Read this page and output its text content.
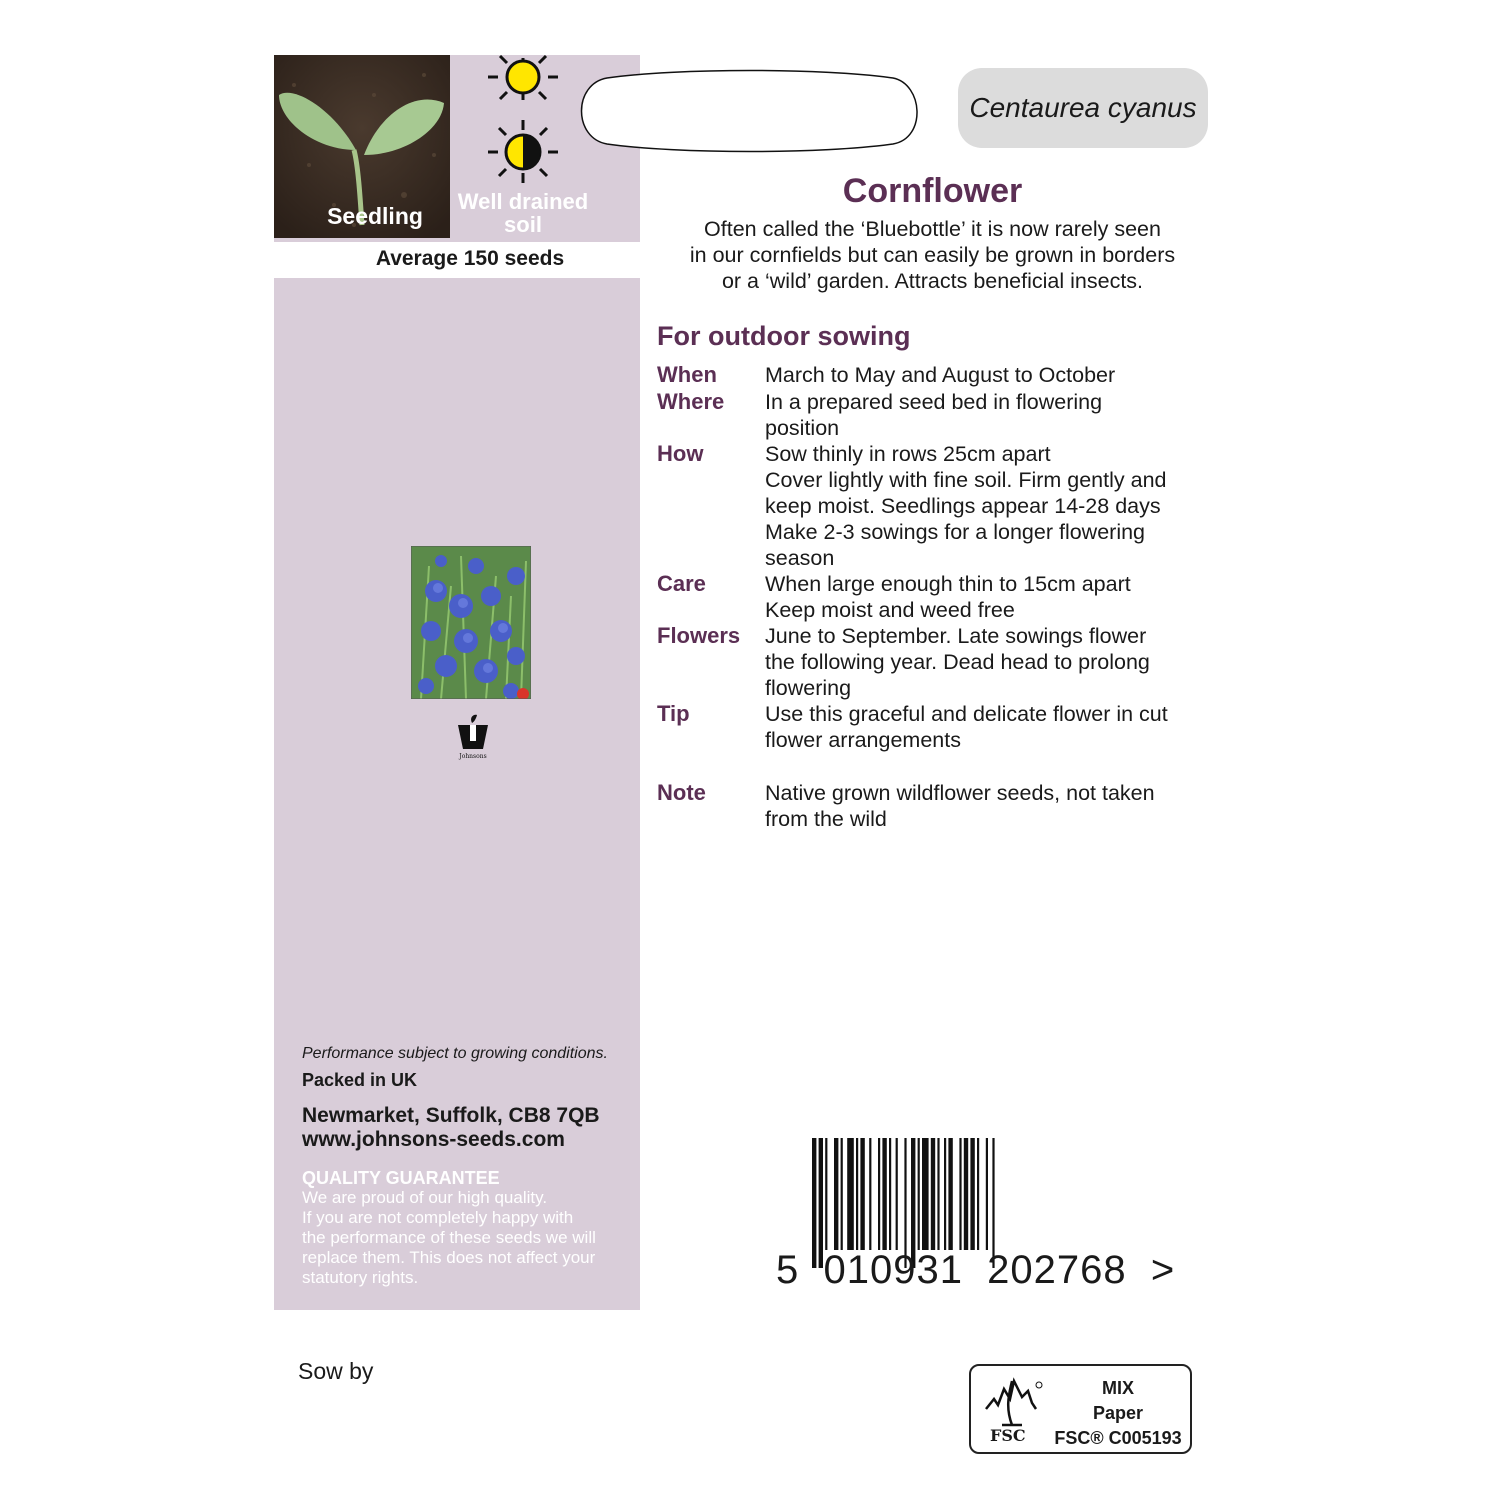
Seedling
Well drained soil
Average 150 seeds
Johnsons
Performance subject to growing conditions.
Packed in UK
Newmarket, Suffolk, CB8 7QB
www.johnsons-seeds.com
QUALITY GUARANTEE
We are proud of our high quality.
If you are not completely happy with
the performance of these seeds we will
replace them. This does not affect your
statutory rights.
Centaurea cyanus
Cornflower
Often called the ‘Bluebottle’ it is now rarely seen
in our cornfields but can easily be grown in borders
or a ‘wild’ garden. Attracts beneficial insects.
For outdoor sowing
When March to May and August to October
Where In a prepared seed bed in flowering
position
How	Sow thinly in rows 25cm apart
Cover lightly with fine soil. Firm gently and
keep moist. Seedlings appear 14-28 days
Make 2-3 sowings for a longer flowering
season
Care	When large enough thin to 15cm apart
Keep moist and weed free
Flowers June to September. Late sowings flower
the following year. Dead head to prolong
flowering
Tip	Use this graceful and delicate flower in cut
flower arrangements
Note	Native grown wildflower seeds, not taken
from the wild
5  010931  202768  >
Sow by
FSC
MIX
Paper
FSC® C005193
